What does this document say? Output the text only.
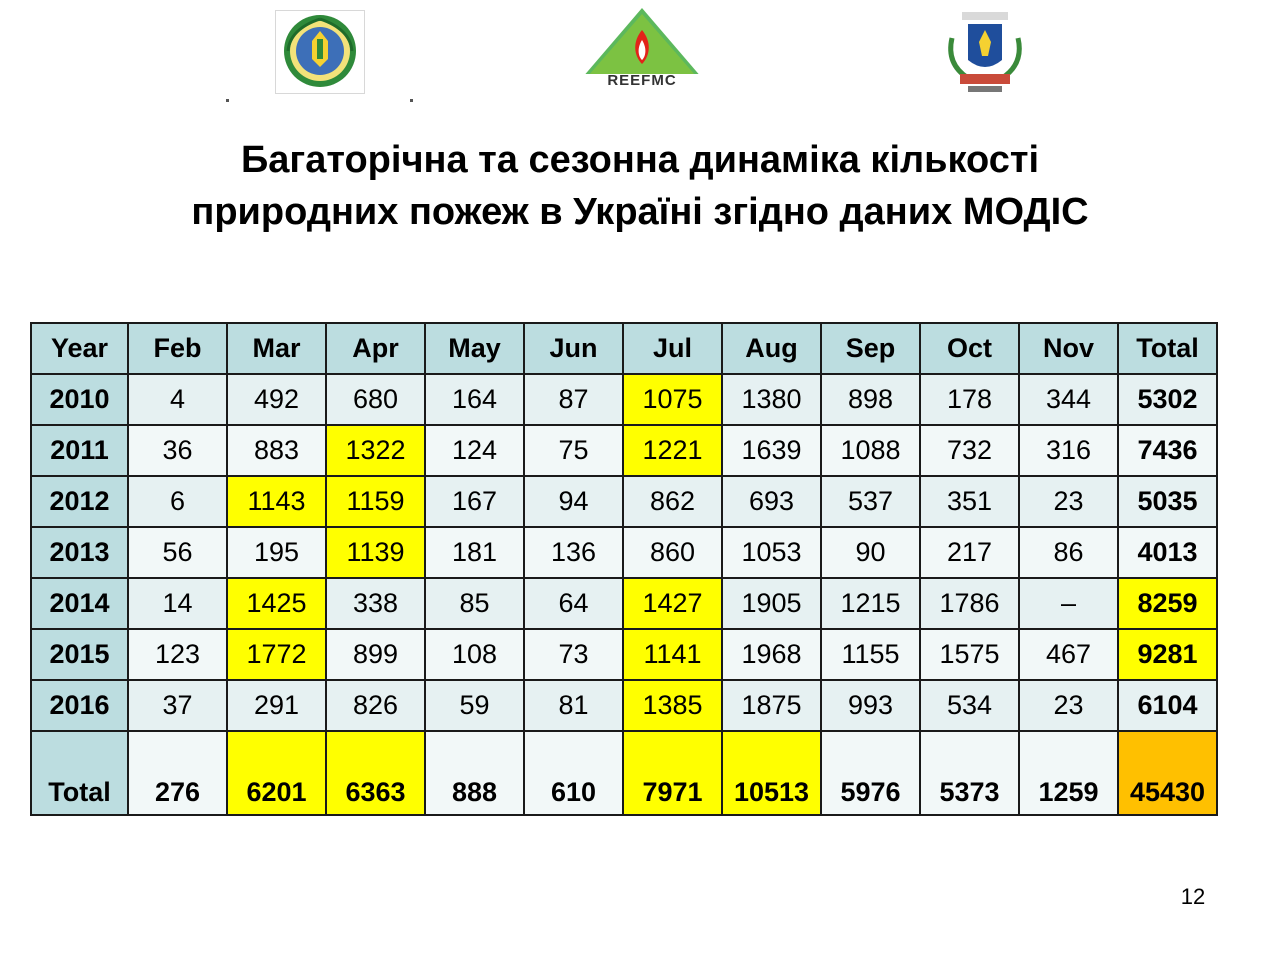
REEFMC
Багаторічна та сезонна динаміка кількості
природних пожеж в Україні згідно даних МОДІС
Year	Feb	Mar	Apr	May	Jun	Jul	Aug	Sep	Oct	Nov	Total
2010	4	492	680	164	87	1075	1380	898	178	344	5302
2011	36	883	1322	124	75	1221	1639	1088	732	316	7436
2012	6	1143	1159	167	94	862	693	537	351	23	5035
2013	56	195	1139	181	136	860	1053	90	217	86	4013
2014	14	1425	338	85	64	1427	1905	1215	1786	–	8259
2015	123	1772	899	108	73	1141	1968	1155	1575	467	9281
2016	37	291	826	59	81	1385	1875	993	534	23	6104
Total	276	6201	6363	888	610	7971	10513	5976	5373	1259	45430
12
